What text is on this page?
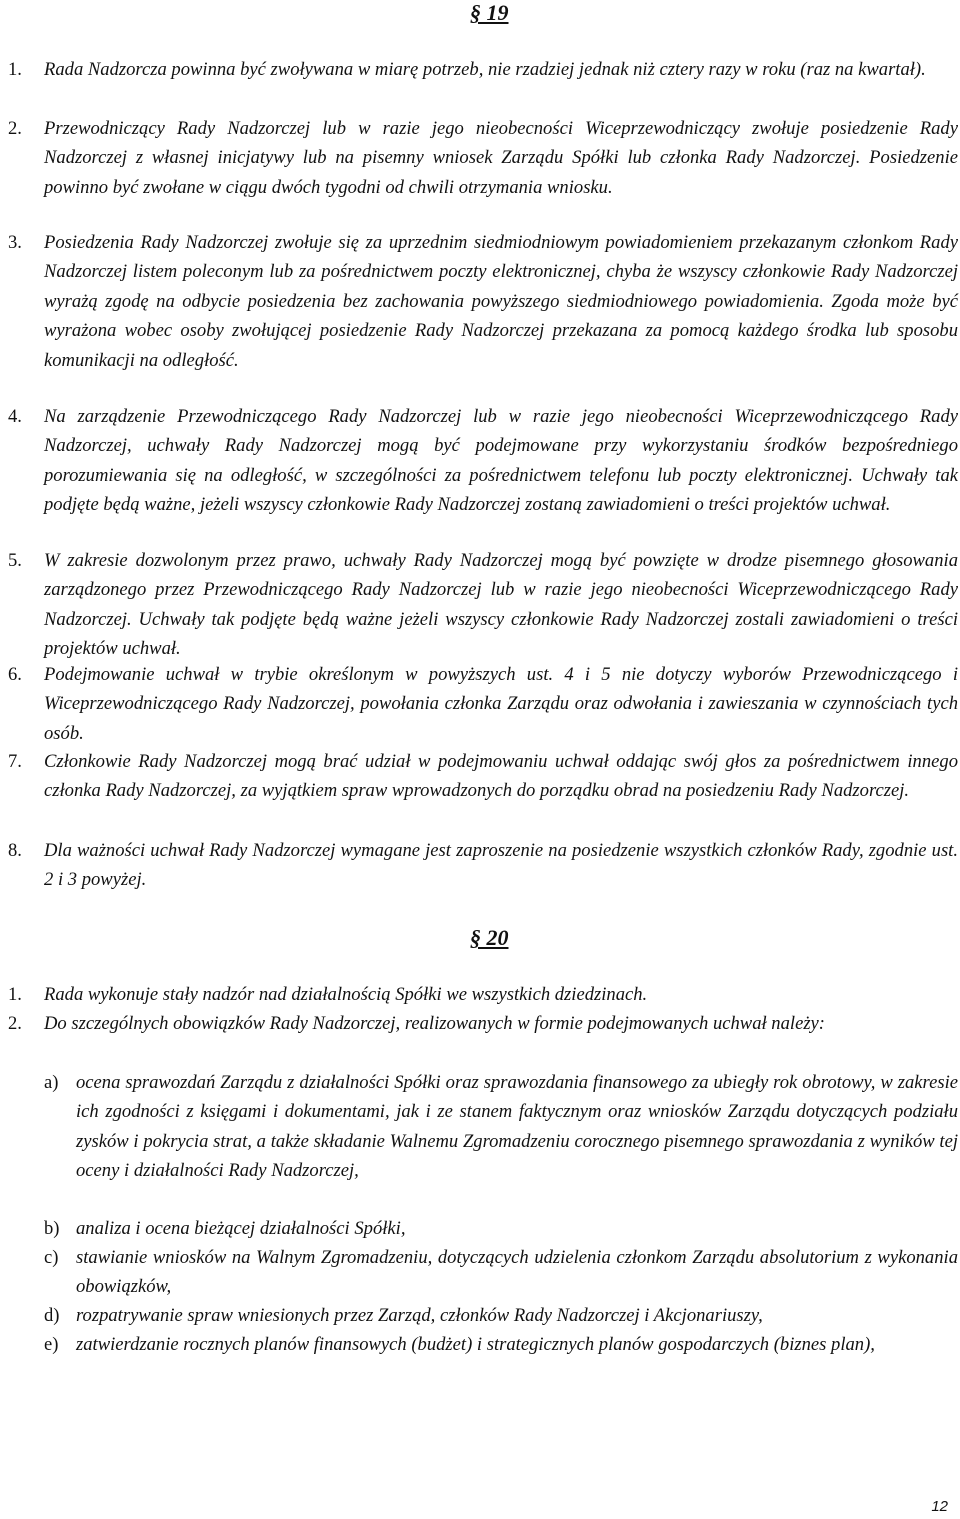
§ 19
1.	Rada Nadzorcza powinna być zwoływana w miarę potrzeb, nie rzadziej jednak niż cztery razy w roku (raz na kwartał).
2.	Przewodniczący Rady Nadzorczej lub w razie jego nieobecności Wiceprzewodniczący zwołuje posiedzenie Rady Nadzorczej z własnej inicjatywy lub na pisemny wniosek Zarządu Spółki lub członka Rady Nadzorczej. Posiedzenie powinno być zwołane w ciągu dwóch tygodni od chwili otrzymania wniosku.
3.	Posiedzenia Rady Nadzorczej zwołuje się za uprzednim siedmiodniowym powiadomieniem przekazanym członkom Rady Nadzorczej listem poleconym lub za pośrednictwem poczty elektronicznej, chyba że wszyscy członkowie Rady Nadzorczej wyrażą zgodę na odbycie posiedzenia bez zachowania powyższego siedmiodniowego powiadomienia. Zgoda może być wyrażona wobec osoby zwołującej posiedzenie Rady Nadzorczej przekazana za pomocą każdego środka lub sposobu komunikacji na odległość.
4.	Na zarządzenie Przewodniczącego Rady Nadzorczej lub w razie jego nieobecności Wiceprzewodniczącego Rady Nadzorczej, uchwały Rady Nadzorczej mogą być podejmowane przy wykorzystaniu środków bezpośredniego porozumiewania się na odległość, w szczególności za pośrednictwem telefonu lub poczty elektronicznej. Uchwały tak podjęte będą ważne, jeżeli wszyscy członkowie Rady Nadzorczej zostaną zawiadomieni o treści projektów uchwał.
5.	W zakresie dozwolonym przez prawo, uchwały Rady Nadzorczej mogą być powzięte w drodze pisemnego głosowania zarządzonego przez Przewodniczącego Rady Nadzorczej lub w razie jego nieobecności Wiceprzewodniczącego Rady Nadzorczej. Uchwały tak podjęte będą ważne jeżeli wszyscy członkowie Rady Nadzorczej zostali zawiadomieni o treści projektów uchwał.
6.	Podejmowanie uchwał w trybie określonym w powyższych ust. 4 i 5 nie dotyczy wyborów Przewodniczącego i Wiceprzewodniczącego Rady Nadzorczej, powołania członka Zarządu oraz odwołania i zawieszania w czynnościach tych osób.
7.	Członkowie Rady Nadzorczej mogą brać udział w podejmowaniu uchwał oddając swój głos za pośrednictwem innego członka Rady Nadzorczej, za wyjątkiem spraw wprowadzonych do porządku obrad na posiedzeniu Rady Nadzorczej.
8.	Dla ważności uchwał Rady Nadzorczej wymagane jest zaproszenie na posiedzenie wszystkich członków Rady, zgodnie ust. 2 i 3 powyżej.
§ 20
1.	Rada wykonuje stały nadzór nad działalnością Spółki we wszystkich dziedzinach.
2.	Do szczególnych obowiązków Rady Nadzorczej, realizowanych w formie podejmowanych uchwał należy:
a) ocena sprawozdań Zarządu z działalności Spółki oraz sprawozdania finansowego za ubiegły rok obrotowy, w zakresie ich zgodności z księgami i dokumentami, jak i ze stanem faktycznym oraz wniosków Zarządu dotyczących podziału zysków i pokrycia strat, a także składanie Walnemu Zgromadzeniu corocznego pisemnego sprawozdania z wyników tej oceny i działalności Rady Nadzorczej,
b) analiza i ocena bieżącej działalności Spółki,
c) stawianie wniosków na Walnym Zgromadzeniu, dotyczących udzielenia członkom Zarządu absolutorium z wykonania obowiązków,
d) rozpatrywanie spraw wniesionych przez Zarząd, członków Rady Nadzorczej i Akcjonariuszy,
e) zatwierdzanie rocznych planów finansowych (budżet) i strategicznych planów gospodarczych (biznes plan),
12
